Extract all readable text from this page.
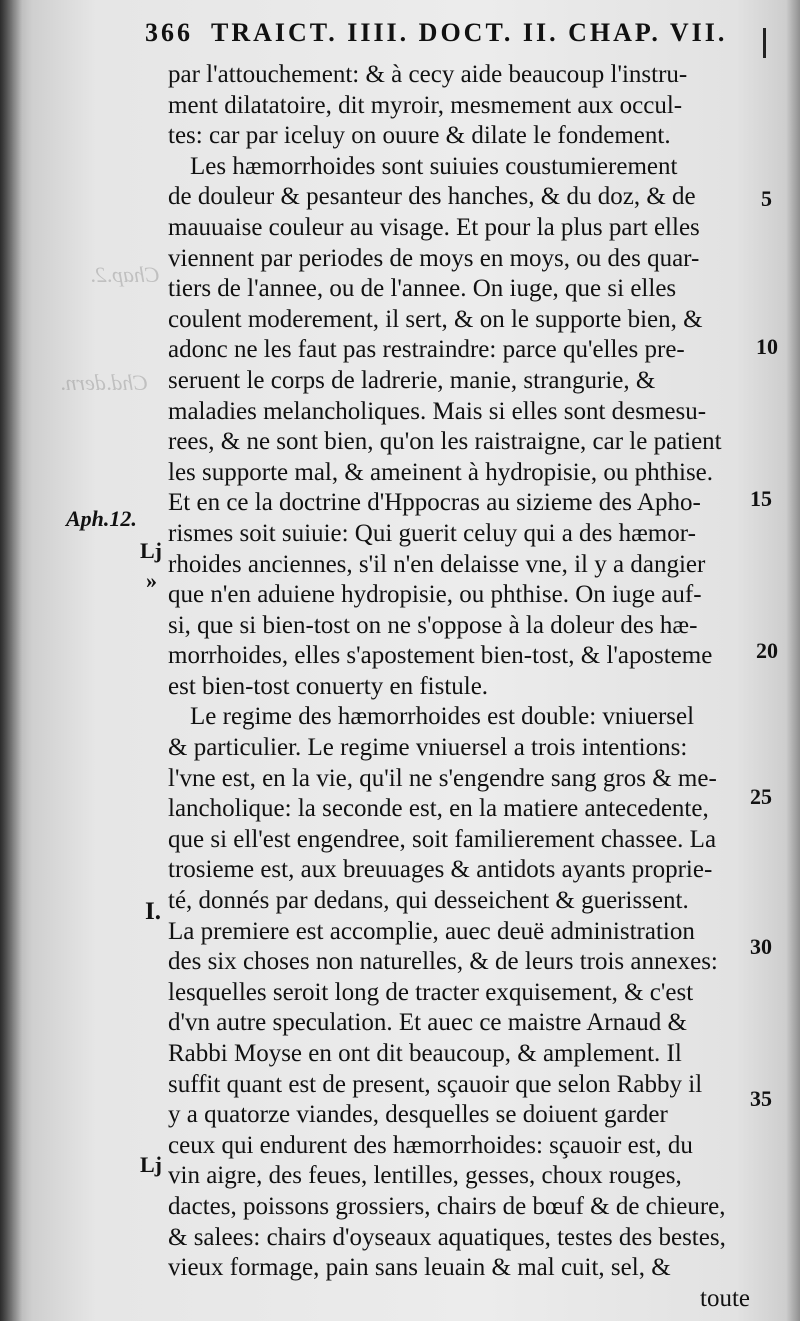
366 TRAICT. IIII. DOCT. II. CHAP. VII.
Chap.2.
Chd.dern.
Aph.12.
Lj
»
I.
Lj
5
10
15
20
25
30
35
par l'attouchement: & à cecy aide beaucoup l'instru-
ment dilatatoire, dit myroir, mesmement aux occul-
tes: car par iceluy on ouure & dilate le fondement.
Les hæmorrhoides sont suiuies coustumierement
de douleur & pesanteur des hanches, & du doz, & de
mauuaise couleur au visage. Et pour la plus part elles
viennent par periodes de moys en moys, ou des quar-
tiers de l'annee, ou de l'annee. On iuge, que si elles
coulent moderement, il sert, & on le supporte bien, &
adonc ne les faut pas restraindre: parce qu'elles pre-
seruent le corps de ladrerie, manie, strangurie, &
maladies melancholiques. Mais si elles sont desmesu-
rees, & ne sont bien, qu'on les raistraigne, car le patient
les supporte mal, & ameinent à hydropisie, ou phthise.
Et en ce la doctrine d'Hppocras au sizieme des Apho-
rismes soit suiuie: Qui guerit celuy qui a des hæmor-
rhoides anciennes, s'il n'en delaisse vne, il y a dangier
que n'en aduiene hydropisie, ou phthise. On iuge auf-
si, que si bien-tost on ne s'oppose à la doleur des hæ-
morrhoides, elles s'apostement bien-tost, & l'aposteme
est bien-tost conuerty en fistule.
Le regime des hæmorrhoides est double: vniuersel
& particulier. Le regime vniuersel a trois intentions:
l'vne est, en la vie, qu'il ne s'engendre sang gros & me-
lancholique: la seconde est, en la matiere antecedente,
que si ell'est engendree, soit familierement chassee. La
trosieme est, aux breuuages & antidots ayants proprie-
té, donnés par dedans, qui desseichent & guerissent.
La premiere est accomplie, auec deuë administration
des six choses non naturelles, & de leurs trois annexes:
lesquelles seroit long de tracter exquisement, & c'est
d'vn autre speculation. Et auec ce maistre Arnaud &
Rabbi Moyse en ont dit beaucoup, & amplement. Il
suffit quant est de present, sçauoir que selon Rabby il
y a quatorze viandes, desquelles se doiuent garder
ceux qui endurent des hæmorrhoides: sçauoir est, du
vin aigre, des feues, lentilles, gesses, choux rouges,
dactes, poissons grossiers, chairs de bœuf & de chieure,
& salees: chairs d'oyseaux aquatiques, testes des bestes,
vieux formage, pain sans leuain & mal cuit, sel, &
toute
